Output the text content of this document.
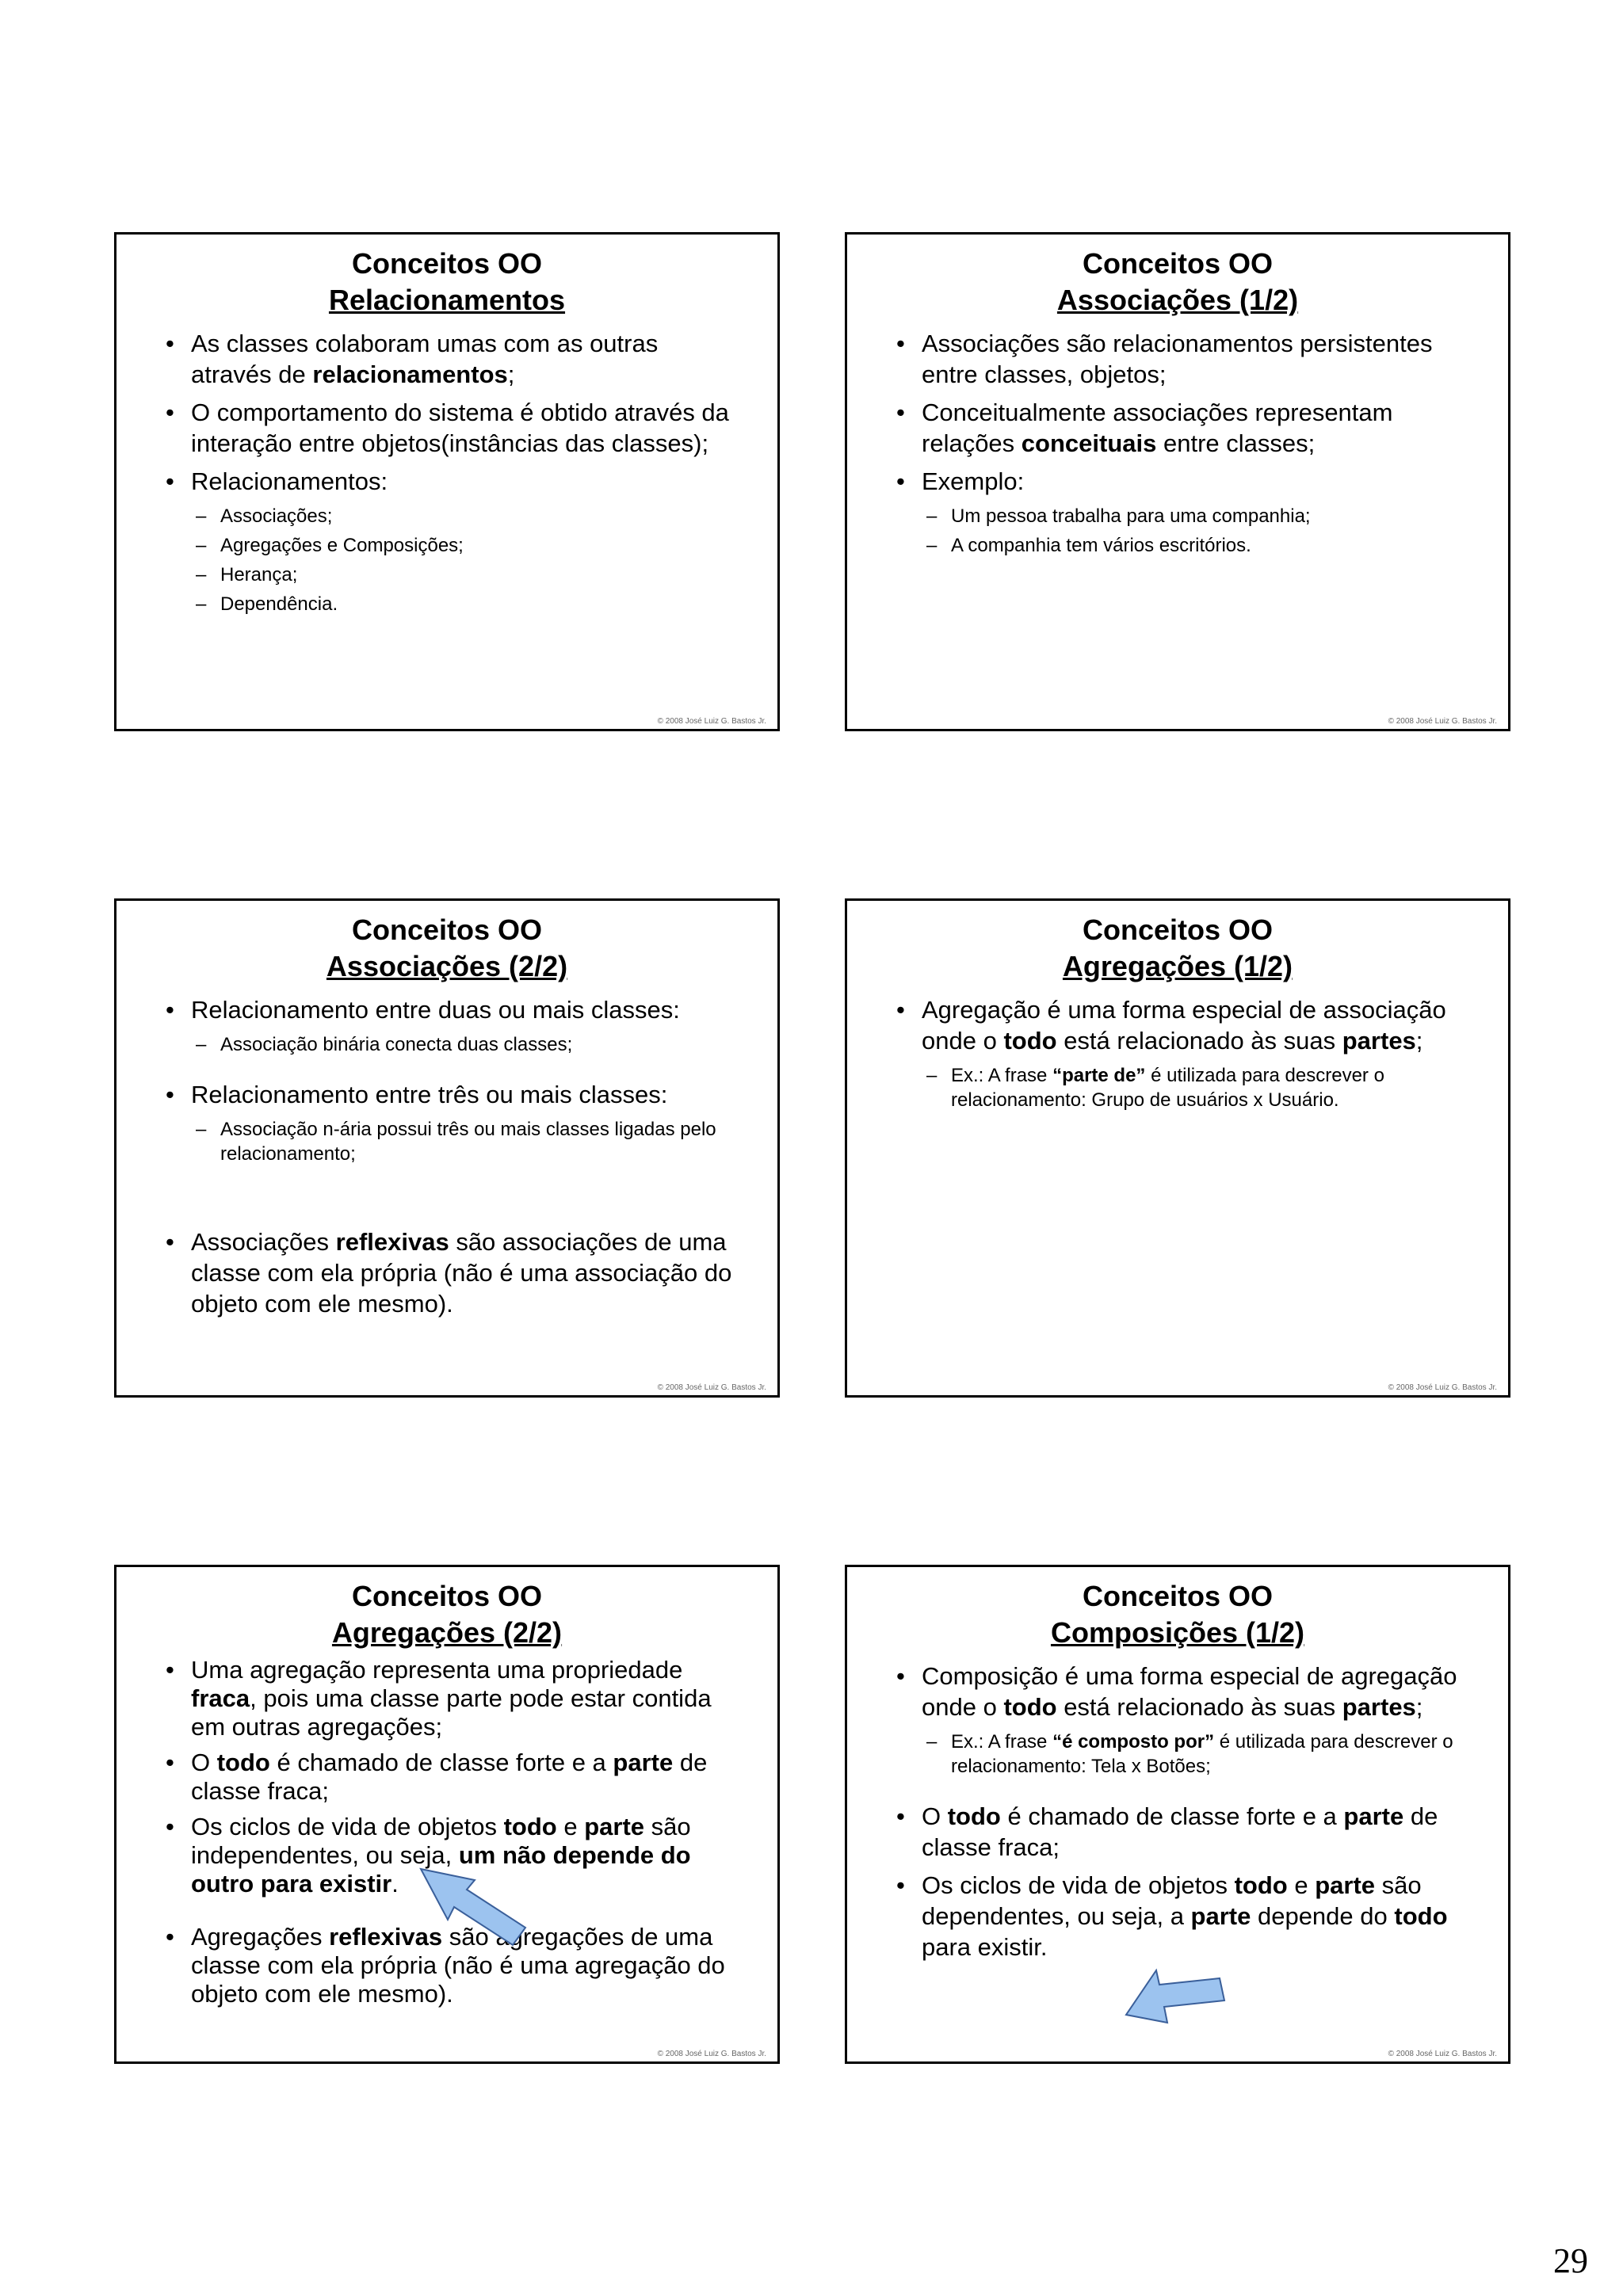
Conceitos OO
Relacionamentos
• As classes colaboram umas com as outras através de relacionamentos;
• O comportamento do sistema é obtido através da interação entre objetos(instâncias das classes);
• Relacionamentos:
– Associações;
– Agregações e Composições;
– Herança;
– Dependência.
© 2008 José Luiz G. Bastos Jr.
Conceitos OO
Associações (1/2)
• Associações são relacionamentos persistentes entre classes, objetos;
• Conceitualmente associações representam relações conceituais entre classes;
• Exemplo:
– Um pessoa trabalha para uma companhia;
– A companhia tem vários escritórios.
© 2008 José Luiz G. Bastos Jr.
Conceitos OO
Associações (2/2)
• Relacionamento entre duas ou mais classes:
– Associação binária conecta duas classes;
• Relacionamento entre três ou mais classes:
– Associação n-ária possui três ou mais classes ligadas pelo relacionamento;
• Associações reflexivas são associações de uma classe com ela própria (não é uma associação do objeto com ele mesmo).
© 2008 José Luiz G. Bastos Jr.
Conceitos OO
Agregações (1/2)
• Agregação é uma forma especial de associação onde o todo está relacionado às suas partes;
– Ex.: A frase “parte de” é utilizada para descrever o relacionamento: Grupo de usuários x Usuário.
© 2008 José Luiz G. Bastos Jr.
Conceitos OO
Agregações (2/2)
• Uma agregação representa uma propriedade fraca, pois uma classe parte pode estar contida em outras agregações;
• O todo é chamado de classe forte e a parte de classe fraca;
• Os ciclos de vida de objetos todo e parte são independentes, ou seja, um não depende do outro para existir.
• Agregações reflexivas são agregações de uma classe com ela própria (não é uma agregação do objeto com ele mesmo).
© 2008 José Luiz G. Bastos Jr.
Conceitos OO
Composições (1/2)
• Composição é uma forma especial de agregação onde o todo está relacionado às suas partes;
– Ex.: A frase “é composto por” é utilizada para descrever o relacionamento: Tela x Botões;
• O todo é chamado de classe forte e a parte de classe fraca;
• Os ciclos de vida de objetos todo e parte são dependentes, ou seja, a parte depende do todo para existir.
© 2008 José Luiz G. Bastos Jr.
29
